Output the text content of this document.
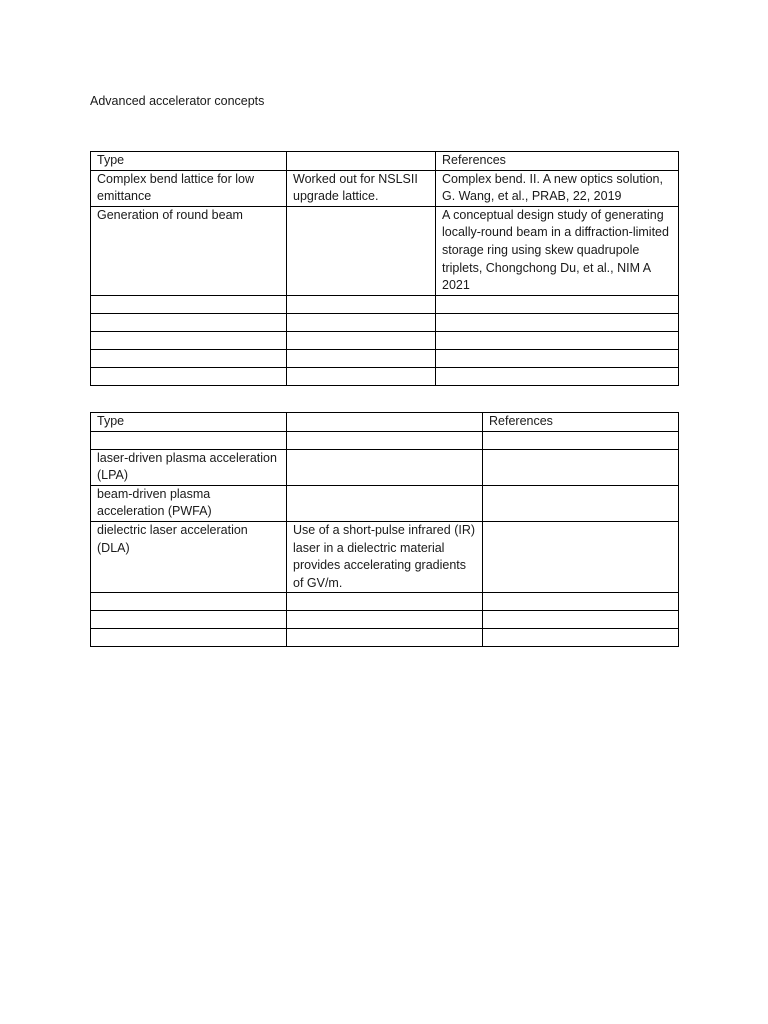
Advanced accelerator concepts
Type		References
Complex bend lattice for low emittance	Worked out for NSLSII upgrade lattice.	Complex bend. II. A new optics solution, G. Wang, et al., PRAB, 22, 2019
Generation of round beam		A conceptual design study of generating locally-round beam in a diffraction-limited storage ring using skew quadrupole triplets, Chongchong Du, et al., NIM A 2021

Type		References

laser-driven plasma acceleration (LPA)		
beam-driven plasma acceleration (PWFA)		
dielectric laser acceleration (DLA)	Use of a short-pulse infrared (IR) laser in a dielectric material provides accelerating gradients of GV/m.	
